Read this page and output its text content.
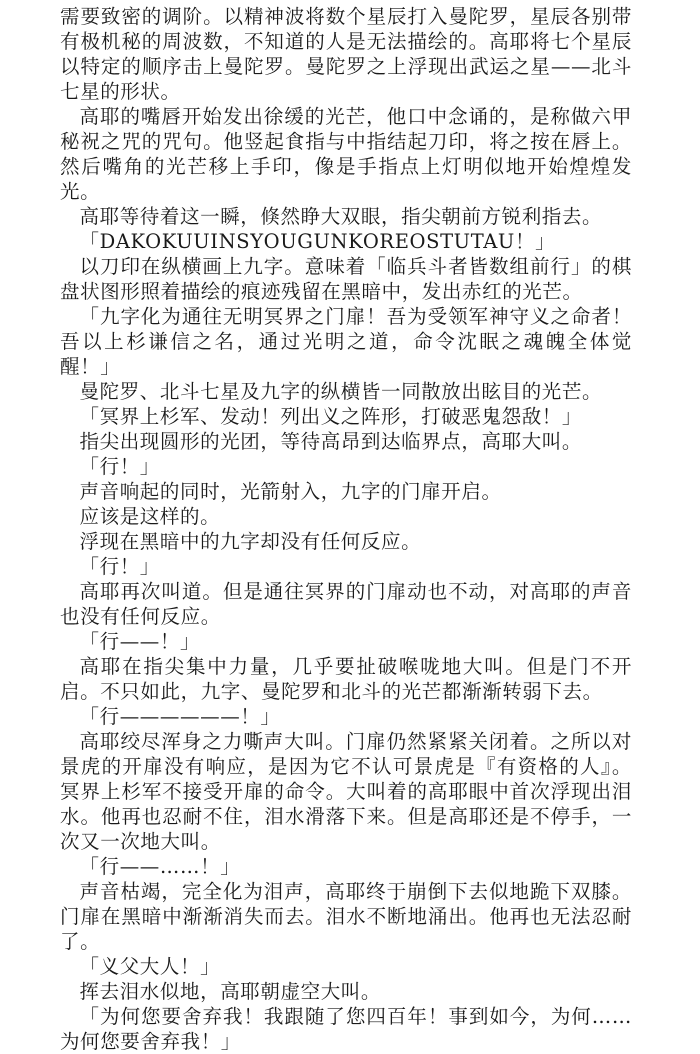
需要致密的调阶。以精神波将数个星辰打入曼陀罗，星辰各别带有极机秘的周波数，不知道的人是无法描绘的。高耶将七个星辰以特定的顺序击上曼陀罗。曼陀罗之上浮现出武运之星——北斗七星的形状。

高耶的嘴唇开始发出徐缓的光芒，他口中念诵的，是称做六甲秘祝之咒的咒句。他竖起食指与中指结起刀印，将之按在唇上。然后嘴角的光芒移上手印，像是手指点上灯明似地开始煌煌发光。

高耶等待着这一瞬，倏然睁大双眼，指尖朝前方锐利指去。

「DAKOKUUINSYOUGUNKOREOSTUTAU！」

以刀印在纵横画上九字。意味着「临兵斗者皆数组前行」的棋盘状图形照着描绘的痕迹残留在黑暗中，发出赤红的光芒。

「九字化为通往无明冥界之门扉！吾为受领军神守义之命者！吾以上杉谦信之名，通过光明之道，命令沈眠之魂魄全体觉醒！」

曼陀罗、北斗七星及九字的纵横皆一同散放出眩目的光芒。

「冥界上杉军、发动！列出义之阵形，打破恶鬼怨敌！」

指尖出现圆形的光团，等待高昂到达临界点，高耶大叫。

「行！」

声音响起的同时，光箭射入，九字的门扉开启。

应该是这样的。

浮现在黑暗中的九字却没有任何反应。

「行！」

高耶再次叫道。但是通往冥界的门扉动也不动，对高耶的声音也没有任何反应。

「行——！」

高耶在指尖集中力量，几乎要扯破喉咙地大叫。但是门不开启。不只如此，九字、曼陀罗和北斗的光芒都渐渐转弱下去。

「行——————！」

高耶绞尽浑身之力嘶声大叫。门扉仍然紧紧关闭着。之所以对景虎的开扉没有响应，是因为它不认可景虎是『有资格的人』。冥界上杉军不接受开扉的命令。大叫着的高耶眼中首次浮现出泪水。他再也忍耐不住，泪水滑落下来。但是高耶还是不停手，一次又一次地大叫。

「行——……！」

声音枯竭，完全化为泪声，高耶终于崩倒下去似地跪下双膝。门扉在黑暗中渐渐消失而去。泪水不断地涌出。他再也无法忍耐了。

「义父大人！」

挥去泪水似地，高耶朝虚空大叫。

「为何您要舍弃我！我跟随了您四百年！事到如今，为何……为何您要舍弃我！」
